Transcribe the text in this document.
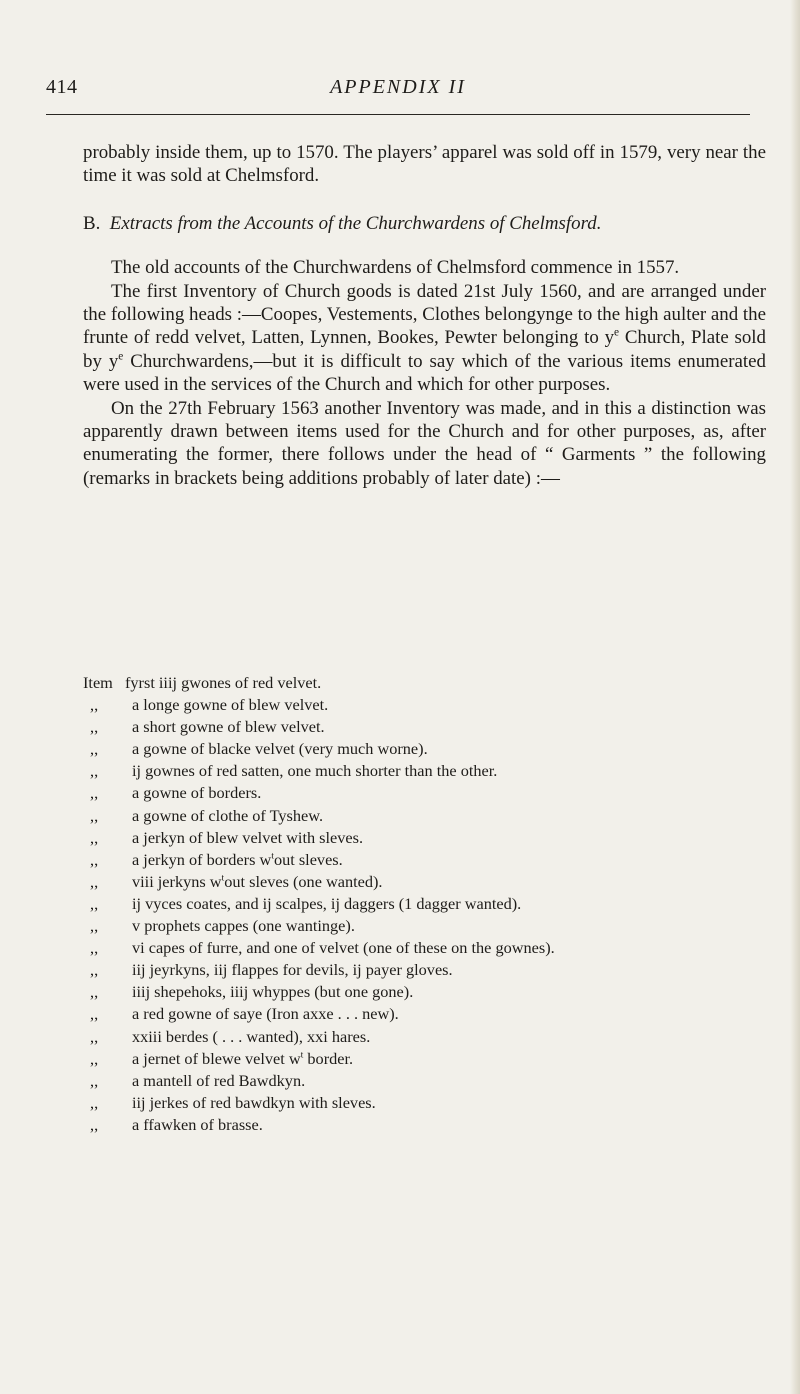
414	APPENDIX II

probably inside them, up to 1570. The players’ apparel was sold off in 1579, very near the time it was sold at Chelmsford.

B. Extracts from the Accounts of the Churchwardens of Chelmsford.

The old accounts of the Churchwardens of Chelmsford commence in 1557.

The first Inventory of Church goods is dated 21st July 1560, and are arranged under the following heads :—Coopes, Vestements, Clothes belongynge to the high aulter and the frunte of redd velvet, Latten, Lynnen, Bookes, Pewter belonging to $y^e$ Church, Plate sold by $y^e$ Churchwardens,—but it is difficult to say which of the various items enumerated were used in the services of the Church and which for other purposes.

On the 27th February 1563 another Inventory was made, and in this a distinction was apparently drawn between items used for the Church and for other purposes, as, after enumerating the former, there follows under the head of “ Garments ” the following (remarks in brackets being additions probably of later date) :—

Item fyrst iiij gwones of red velvet.
,,	a longe gowne of blew velvet.
,,	a short gowne of blew velvet.
,,	a gowne of blacke velvet (very much worne).
,,	ij gownes of red satten, one much shorter than the other.
,,	a gowne of borders.
,,	a gowne of clothe of Tyshew.
,,	a jerkyn of blew velvet with sleves.
,,	a jerkyn of borders $w^tout$ sleves.
,,	viii jerkyns $w^tout$ sleves (one wanted).
,,	ij vyces coates, and ij scalpes, ij daggers (1 dagger wanted).
,,	v prophets cappes (one wantinge).
,,	vi capes of furre, and one of velvet (one of these on the gownes).
,,	iij jeyrkyns, iij flappes for devils, ij payer gloves.
,,	iiij shepehoks, iiij whyppes (but one gone).
,,	a red gowne of saye (Iron axxe . . . new).
,,	xxiii berdes ( . . . wanted), xxi hares.
,,	a jernet of blewe velvet $w^t$ border.
,,	a mantell of red Bawdkyn.
,,	iij jerkes of red bawdkyn with sleves.
,,	a ffawken of brasse.
